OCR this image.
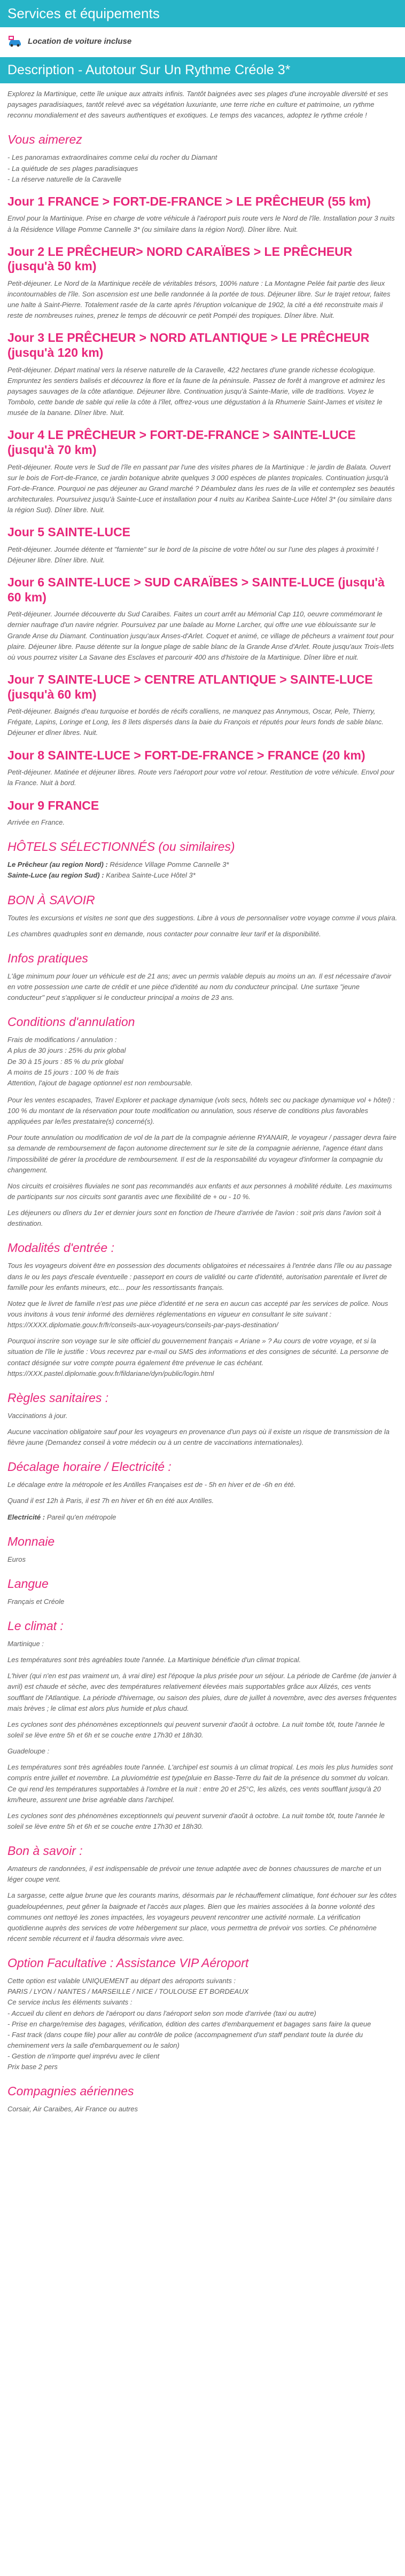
Services et équipements
Location de voiture incluse
Description - Autotour Sur Un Rythme Créole 3*

Explorez la Martinique, cette île unique aux attraits infinis. Tantôt baignées avec ses plages d'une incroyable diversité et ses paysages paradisiaques, tantôt relevé avec sa végétation luxuriante, une terre riche en culture et patrimoine, un rythme reconnu mondialement et des saveurs authentiques et exotiques. Le temps des vacances, adoptez le rythme créole !

Vous aimerez
- Les panoramas extraordinaires comme celui du rocher du Diamant
- La quiétude de ses plages paradisiaques
- La réserve naturelle de la Caravelle
Jour 1 FRANCE > FORT-DE-FRANCE > LE PRÊCHEUR (55 km)

Envol pour la Martinique. Prise en charge de votre véhicule à l'aéroport puis route vers le Nord de l'île. Installation pour 3 nuits à la Résidence Village Pomme Cannelle 3* (ou similaire dans la région Nord). Dîner libre. Nuit.

Jour 2 LE PRÊCHEUR> NORD CARAÏBES > LE PRÊCHEUR (jusqu'à 50 km)

Petit-déjeuner. Le Nord de la Martinique recèle de véritables trésors, 100% nature : La Montagne Pelée fait partie des lieux incontournables de l'île. Son ascension est une belle randonnée à la portée de tous. Déjeuner libre. Sur le trajet retour, faites une halte à Saint-Pierre. Totalement rasée de la carte après l'éruption volcanique de 1902, la cité a été reconstruite mais il reste de nombreuses ruines, prenez le temps de découvrir ce petit Pompéi des tropiques. Dîner libre. Nuit.

Jour 3 LE PRÊCHEUR > NORD ATLANTIQUE > LE PRÊCHEUR (jusqu'à 120 km)

Petit-déjeuner. Départ matinal vers la réserve naturelle de la Caravelle, 422 hectares d'une grande richesse écologique. Empruntez les sentiers balisés et découvrez la flore et la faune de la péninsule. Passez de forêt à mangrove et admirez les paysages sauvages de la côte atlantique. Déjeuner libre. Continuation jusqu'à Sainte-Marie, ville de traditions. Voyez le Tombolo, cette bande de sable qui relie la côte à l'îlet, offrez-vous une dégustation à la Rhumerie Saint-James et visitez le musée de la banane. Dîner libre. Nuit.

Jour 4 LE PRÊCHEUR > FORT-DE-FRANCE > SAINTE-LUCE (jusqu'à 70 km)

Petit-déjeuner. Route vers le Sud de l'île en passant par l'une des visites phares de la Martinique : le jardin de Balata. Ouvert sur le bois de Fort-de-France, ce jardin botanique abrite quelques 3 000 espèces de plantes tropicales. Continuation jusqu'à Fort-de-France. Pourquoi ne pas déjeuner au Grand marché ? Déambulez dans les rues de la ville et contemplez ses beautés architecturales. Poursuivez jusqu'à Sainte-Luce et installation pour 4 nuits au Karibea Sainte-Luce Hôtel 3* (ou similaire dans la région Sud). Dîner libre. Nuit.

Jour 5 SAINTE-LUCE

Petit-déjeuner. Journée détente et "farniente" sur le bord de la piscine de votre hôtel ou sur l'une des plages à proximité ! Déjeuner libre. Dîner libre. Nuit.

Jour 6 SAINTE-LUCE > SUD CARAÏBES > SAINTE-LUCE (jusqu'à 60 km)

Petit-déjeuner. Journée découverte du Sud Caraïbes. Faites un court arrêt au Mémorial Cap 110, oeuvre commémorant le dernier naufrage d'un navire négrier. Poursuivez par une balade au Morne Larcher, qui offre une vue éblouissante sur le Grande Anse du Diamant. Continuation jusqu'aux Anses-d'Arlet. Coquet et animé, ce village de pêcheurs a vraiment tout pour plaire. Déjeuner libre. Pause détente sur la longue plage de sable blanc de la Grande Anse d'Arlet. Route jusqu'aux Trois-Ilets où vous pourrez visiter La Savane des Esclaves et parcourir 400 ans d'histoire de la Martinique. Dîner libre et nuit.

Jour 7 SAINTE-LUCE > CENTRE ATLANTIQUE > SAINTE-LUCE (jusqu'à 60 km)

Petit-déjeuner. Baignés d'eau turquoise et bordés de récifs coralliens, ne manquez pas Annymous, Oscar, Pele, Thierry, Frégate, Lapins, Loringe et Long, les 8 îlets dispersés dans la baie du François et réputés pour leurs fonds de sable blanc. Déjeuner et dîner libres. Nuit.

Jour 8 SAINTE-LUCE > FORT-DE-FRANCE > FRANCE (20 km)

Petit-déjeuner. Matinée et déjeuner libres. Route vers l'aéroport pour votre vol retour. Restitution de votre véhicule. Envol pour la France. Nuit à bord.

Jour 9 FRANCE

Arrivée en France.

HÔTELS SÉLECTIONNÉS (ou similaires)
Le Prêcheur (au region Nord) : Résidence Village Pomme Cannelle 3*
Sainte-Luce (au region Sud) : Karibea Sainte-Luce Hôtel 3*
BON À SAVOIR

Toutes les excursions et visites ne sont que des suggestions. Libre à vous de personnaliser votre voyage comme il vous plaira.

Les chambres quadruples sont en demande, nous contacter pour connaitre leur tarif et la disponibilité.

Infos pratiques

L'âge minimum pour louer un véhicule est de 21 ans; avec un permis valable depuis au moins un an. Il est nécessaire d'avoir en votre possession une carte de crédit et une pièce d'identité au nom du conducteur principal. Une surtaxe "jeune conducteur" peut s'appliquer si le conducteur principal a moins de 23 ans.

Conditions d'annulation
Frais de modifications / annulation :
A plus de 30 jours : 25% du prix global
De 30 à 15 jours : 85 % du prix global
A moins de 15 jours : 100 % de frais
Attention, l'ajout de bagage optionnel est non remboursable.

Pour les ventes escapades, Travel Explorer et package dynamique (vols secs, hôtels sec ou package dynamique vol + hôtel) : 100 % du montant de la réservation pour toute modification ou annulation, sous réserve de conditions plus favorables appliquées par le/les prestataire(s) concerné(s).

Pour toute annulation ou modification de vol de la part de la compagnie aérienne RYANAIR, le voyageur / passager devra faire sa demande de remboursement de façon autonome directement sur le site de la compagnie aérienne, l'agence étant dans l'impossibilité de gérer la procédure de remboursement. Il est de la responsabilité du voyageur d'informer la compagnie du changement.

Nos circuits et croisières fluviales ne sont pas recommandés aux enfants et aux personnes à mobilité réduite. Les maximums de participants sur nos circuits sont garantis avec une flexibilité de + ou - 10 %.

Les déjeuners ou dîners du 1er et dernier jours sont en fonction de l'heure d'arrivée de l'avion : soit pris dans l'avion soit à destination.

Modalités d'entrée :

Tous les voyageurs doivent être en possession des documents obligatoires et nécessaires à l'entrée dans l'île ou au passage dans le ou les pays d'escale éventuelle : passeport en cours de validité ou carte d'identité, autorisation parentale et livret de famille pour les enfants mineurs, etc... pour les ressortissants français.

Notez que le livret de famille n'est pas une pièce d'identité et ne sera en aucun cas accepté par les services de police. Nous vous invitons à vous tenir informé des dernières réglementations en vigueur en consultant le site suivant : https://XXXX.diplomatie.gouv.fr/fr/conseils-aux-voyageurs/conseils-par-pays-destination/

Pourquoi inscrire son voyage sur le site officiel du gouvernement français « Ariane » ? Au cours de votre voyage, et si la situation de l'île le justifie : Vous recevrez par e-mail ou SMS des informations et des consignes de sécurité. La personne de contact désignée sur votre compte pourra également être prévenue le cas échéant. https://XXX.pastel.diplomatie.gouv.fr/fildariane/dyn/public/login.html

Règles sanitaires :

Vaccinations à jour.

Aucune vaccination obligatoire sauf pour les voyageurs en provenance d'un pays où il existe un risque de transmission de la fièvre jaune (Demandez conseil à votre médecin ou à un centre de vaccinations internationales).

Décalage horaire / Electricité :

Le décalage entre la métropole et les Antilles Françaises est de - 5h en hiver et de -6h en été.

Quand il est 12h à Paris, il est 7h en hiver et 6h en été aux Antilles.

Electricité : Pareil qu'en métropole

Monnaie

Euros

Langue

Français et Créole

Le climat :

Martinique :

Les températures sont très agréables toute l'année. La Martinique bénéficie d'un climat tropical.

L'hiver (qui n'en est pas vraiment un, à vrai dire) est l'époque la plus prisée pour un séjour. La période de Carême (de janvier à avril) est chaude et sèche, avec des températures relativement élevées mais supportables grâce aux Alizés, ces vents soufflant de l'Atlantique. La période d'hivernage, ou saison des pluies, dure de juillet à novembre, avec des averses fréquentes mais brèves ; le climat est alors plus humide et plus chaud.

Les cyclones sont des phénomènes exceptionnels qui peuvent survenir d'août à octobre. La nuit tombe tôt, toute l'année le soleil se lève entre 5h et 6h et se couche entre 17h30 et 18h30.

Guadeloupe :

Les températures sont très agréables toute l'année. L'archipel est soumis à un climat tropical. Les mois les plus humides sont compris entre juillet et novembre. La pluviométrie est type(pluie en Basse-Terre du fait de la présence du sommet du volcan. Ce qui rend les températures supportables à l'ombre et la nuit : entre 20 et 25°C, les alizés, ces vents soufflant jusqu'à 20 km/heure, assurent une brise agréable dans l'archipel.

Les cyclones sont des phénomènes exceptionnels qui peuvent survenir d'août à octobre. La nuit tombe tôt, toute l'année le soleil se lève entre 5h et 6h et se couche entre 17h30 et 18h30.

Bon à savoir :

Amateurs de randonnées, il est indispensable de prévoir une tenue adaptée avec de bonnes chaussures de marche et un léger coupe vent.

La sargasse, cette algue brune que les courants marins, désormais par le réchauffement climatique, font échouer sur les côtes guadeloupéennes, peut gêner la baignade et l'accès aux plages. Bien que les mairies associées à la bonne volonté des communes ont nettoyé les zones impactées, les voyageurs peuvent rencontrer une activité normale. La vérification quotidienne auprès des services de votre hébergement sur place, vous permettra de prévoir vos sorties. Ce phénomène récent semble récurrent et il faudra désormais vivre avec.

Option Facultative : Assistance VIP Aéroport
Cette option est valable UNIQUEMENT au départ des aéroports suivants :
PARIS / LYON / NANTES / MARSEILLE / NICE / TOULOUSE ET BORDEAUX
Ce service inclus les éléments suivants :
- Accueil du client en dehors de l'aéroport ou dans l'aéroport selon son mode d'arrivée (taxi ou autre)
- Prise en charge/remise des bagages, vérification, édition des cartes d'embarquement et bagages sans faire la queue
- Fast track (dans coupe file) pour aller au contrôle de police (accompagnement d'un staff pendant toute la durée du cheminement vers la salle d'embarquement ou le salon)
- Gestion de n'importe quel imprévu avec le client
Prix base 2 pers
Compagnies aériennes

Corsair, Air Caraibes, Air France ou autres
